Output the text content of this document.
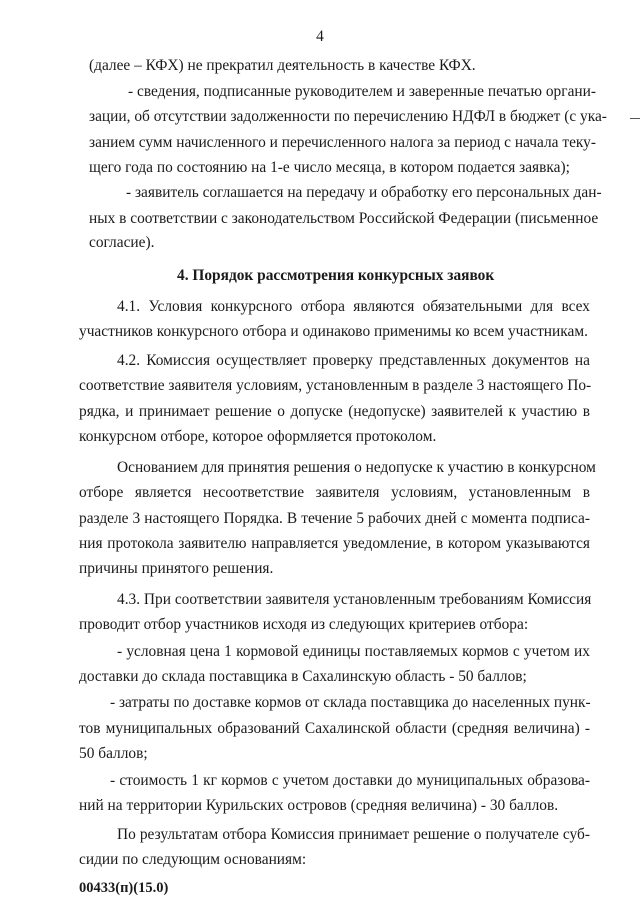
4
(далее – КФХ) не прекратил деятельность в качестве КФХ.
- сведения, подписанные руководителем и заверенные печатью органи-
зации, об отсутствии задолженности по перечислению НДФЛ в бюджет (с ука-
занием сумм начисленного и перечисленного налога за период с начала теку-
щего года по состоянию на 1-е число месяца, в котором подается заявка);
- заявитель соглашается на передачу и обработку его персональных дан-
ных в соответствии с законодательством Российской Федерации (письменное
согласие).
4. Порядок рассмотрения конкурсных заявок
4.1. Условия конкурсного отбора являются обязательными для всех
участников конкурсного отбора и одинаково применимы ко всем участникам.
4.2. Комиссия осуществляет проверку представленных документов на
соответствие заявителя условиям, установленным в разделе 3 настоящего По-
рядка, и принимает решение о допуске (недопуске) заявителей к участию в
конкурсном отборе, которое оформляется протоколом.
Основанием для принятия решения о недопуске к участию в конкурсном
отборе является несоответствие заявителя условиям, установленным в
разделе 3 настоящего Порядка. В течение 5 рабочих дней с момента подписа-
ния протокола заявителю направляется уведомление, в котором указываются
причины принятого решения.
4.3. При соответствии заявителя установленным требованиям Комиссия
проводит отбор участников исходя из следующих критериев отбора:
- условная цена 1 кормовой единицы поставляемых кормов с учетом их
доставки до склада поставщика в Сахалинскую область - 50 баллов;
- затраты по доставке кормов от склада поставщика до населенных пунк-
тов муниципальных образований Сахалинской области (средняя величина) -
50 баллов;
- стоимость 1 кг кормов с учетом доставки до муниципальных образова-
ний на территории Курильских островов (средняя величина) - 30 баллов.
По результатам отбора Комиссия принимает решение о получателе суб-
сидии по следующим основаниям:
00433(п)(15.0)
